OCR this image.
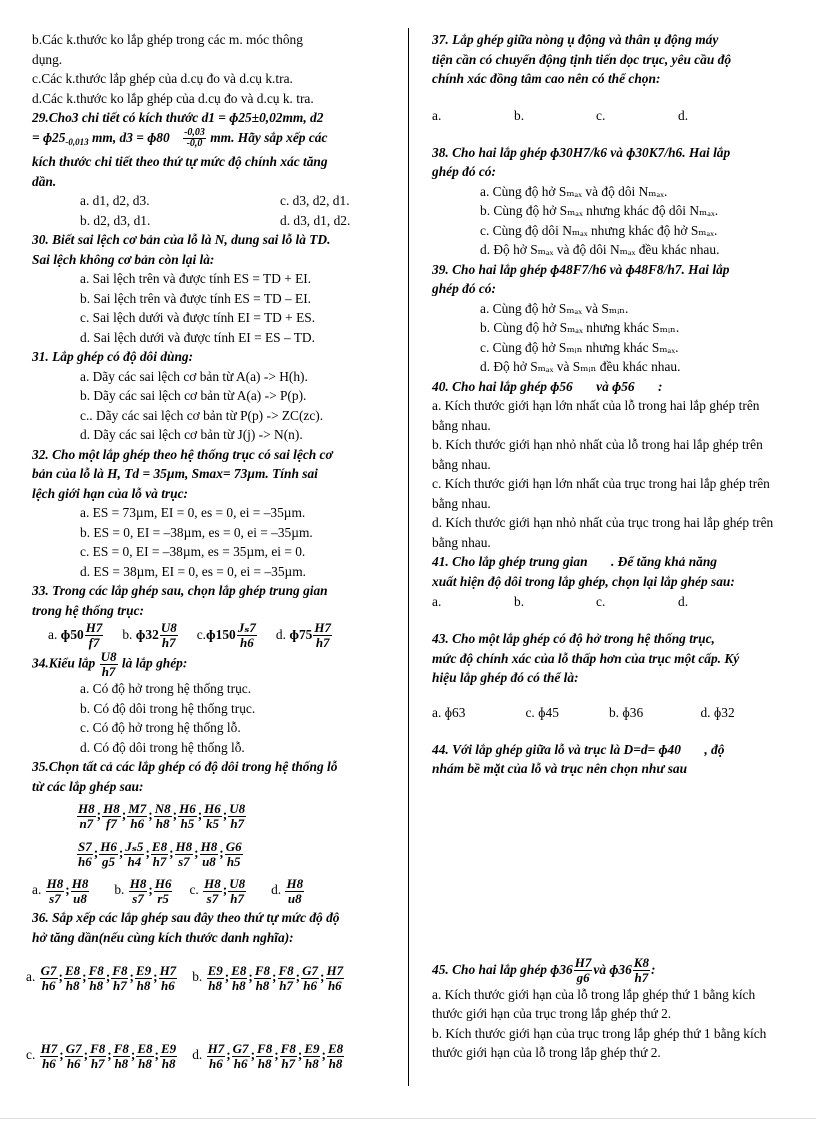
b.Các k.thước ko lắp ghép trong các m. móc thông
dụng.
c.Các k.thước lắp ghép của d.cụ đo và d.cụ k.tra.
d.Các k.thước ko lắp ghép của d.cụ đo và d.cụ k. tra.
29.Cho3 chi tiết có kích thước d1 = ɸ25±0,02mm, d2
= $ɸ25_{-0,013}$ mm, d3 = ɸ80 $\frac{-0,03}{-0,0}$ mm. Hãy sắp xếp các
kích thước chi tiết theo thứ tự mức độ chính xác tăng
dần.
a. d1, d2, d3.	c. d3, d2, d1.
b. d2, d3, d1.	d. d3, d1, d2.
30. Biết sai lệch cơ bản của lỗ là N, dung sai lỗ là TD.
Sai lệch không cơ bản còn lại là:
a. Sai lệch trên và được tính ES = TD + EI.
b. Sai lệch trên và được tính ES = TD – EI.
c. Sai lệch dưới và được tính EI = TD + ES.
d. Sai lệch dưới và được tính EI = ES – TD.
31. Lắp ghép có độ dôi dùng:
a. Dãy các sai lệch cơ bản từ A(a) -> H(h).
b. Dãy các sai lệch cơ bản từ A(a) -> P(p).
c.. Dãy các sai lệch cơ bản từ P(p) -> ZC(zc).
d. Dãy các sai lệch cơ bản từ J(j) -> N(n).
32. Cho một lắp ghép theo hệ thống trục có sai lệch cơ
bản của lỗ là H, Td = 35µm, Smax= 73µm. Tính sai
lệch giới hạn của lỗ và trục:
a. ES = 73µm, EI = 0, es = 0, ei = –35µm.
b. ES = 0, EI = –38µm, es = 0, ei = –35µm.
c. ES = 0, EI = –38µm, es = 35µm, ei = 0.
d. ES = 38µm, EI = 0, es = 0, ei = –35µm.
33. Trong các lắp ghép sau, chọn lắp ghép trung gian
trong hệ thống trục:
a. ɸ50 $\frac{H7}{f7} b$. ɸ32 $\frac{U8}{h7}$ c.ɸ150 $\frac{\text{Jₛ7}}{h6} d$. ɸ75 $\frac{H7}{h7}$
34.Kiểu lắp $\frac{U8}{h7}$ là lắp ghép:
a. Có độ hở trong hệ thống trục.
b. Có độ dôi trong hệ thống trục.
c. Có độ hở trong hệ thống lỗ.
d. Có độ dôi trong hệ thống lỗ.
35.Chọn tất cả các lắp ghép có độ dôi trong hệ thống lỗ
từ các lắp ghép sau:
$\frac{H8}{n7}$ ; $\frac{H8}{f7}$ ; $\frac{M7}{h6}$ ; $\frac{N8}{h8}$ ; $\frac{H6}{h5}$ ; $\frac{H6}{k5}$ ; $\frac{U8}{h7}$
$\frac{S7}{h6}$ ; $\frac{H6}{g5}$ ; $\frac{\text{Jₛ5}}{h4}$ ; $\frac{E8}{h7}$ ; $\frac{H8}{s7}$ ; $\frac{H8}{u8}$ ; $\frac{G6}{h5}$
a. $\frac{H8}{s7}$ ; $\frac{H8}{u8} b$. $\frac{H8}{s7}$ ; $\frac{H6}{r5} c$. $\frac{H8}{s7}$ ; $\frac{U8}{h7} d$. $\frac{H8}{u8}$
36. Sắp xếp các lắp ghép sau đây theo thứ tự mức độ độ
hở tăng dần(nếu cùng kích thước danh nghĩa):
a. $\frac{G7}{h6}$ ; $\frac{E8}{h8}$ ; $\frac{F8}{h8}$ ; $\frac{F8}{h7}$ ; $\frac{E9}{h8}$ ; $\frac{H7}{h6} b$. $\frac{E9}{h8}$ ; $\frac{E8}{h8}$ ; $\frac{F8}{h8}$ ; $\frac{F8}{h7}$ ; $\frac{G7}{h6}$ ; $\frac{H7}{h6}$
c. $\frac{H7}{h6}$ ; $\frac{G7}{h6}$ ; $\frac{F8}{h7}$ ; $\frac{F8}{h8}$ ; $\frac{E8}{h8}$ ; $\frac{E9}{h8} d$. $\frac{H7}{h6}$ ; $\frac{G7}{h6}$ ; $\frac{F8}{h8}$ ; $\frac{F8}{h7}$ ; $\frac{E9}{h8}$ ; $\frac{E8}{h8}$
37. Lắp ghép giữa nòng ụ động và thân ụ động máy
tiện cần có chuyển động tịnh tiến dọc trục, yêu cầu độ
chính xác đồng tâm cao nên có thể chọn:
a.	b.	c.	d.
38. Cho hai lắp ghép ɸ30H7/k6 và ɸ30K7/h6. Hai lắp
ghép đó có:
a. Cùng độ hở Sₘₐₓ và độ dôi Nₘₐₓ.
b. Cùng độ hở Sₘₐₓ nhưng khác độ dôi Nₘₐₓ.
c. Cùng độ dôi Nₘₐₓ nhưng khác độ hở Sₘₐₓ.
d. Độ hở Sₘₐₓ và độ dôi Nₘₐₓ đều khác nhau.
39. Cho hai lắp ghép ɸ48F7/h6 và ɸ48F8/h7. Hai lắp
ghép đó có:
a. Cùng độ hở Sₘₐₓ và Sₘᵢₙ.
b. Cùng độ hở Sₘₐₓ nhưng khác Sₘᵢₙ.
c. Cùng độ hở Sₘᵢₙ nhưng khác Sₘₐₓ.
d. Độ hở Sₘₐₓ và Sₘᵢₙ đều khác nhau.
40. Cho hai lắp ghép ɸ56       và ɸ56       :
a. Kích thước giới hạn lớn nhất của lỗ trong hai lắp ghép trên bằng nhau.
b. Kích thước giới hạn nhỏ nhất của lỗ trong hai lắp ghép trên bằng nhau.
c. Kích thước giới hạn lớn nhất của trục trong hai lắp ghép trên bằng nhau.
d. Kích thước giới hạn nhỏ nhất của trục trong hai lắp ghép trên bằng nhau.
41. Cho lắp ghép trung gian       . Để tăng khả năng
xuất hiện độ dôi trong lắp ghép, chọn lại lắp ghép sau:
a.	b.	c.	d.
43. Cho một lắp ghép có độ hở trong hệ thống trục,
mức độ chính xác của lỗ thấp hơn của trục một cấp. Ký
hiệu lắp ghép đó có thể là:
a. ɸ63	c. ɸ45	b. ɸ36	d. ɸ32
44. Với lắp ghép giữa lỗ và trục là D=d= ɸ40       , độ
nhám bề mặt của lỗ và trục nên chọn như sau
45. Cho hai lắp ghép ɸ36 $\frac{H7}{g6}$ và ɸ36 $\frac{K8}{h7}$ :
a. Kích thước giới hạn của lỗ trong lắp ghép thứ 1 bằng kích thước giới hạn của trục trong lắp ghép thứ 2.
b. Kích thước giới hạn của trục trong lắp ghép thứ 1 bằng kích thước giới hạn của lỗ trong lắp ghép thứ 2.
